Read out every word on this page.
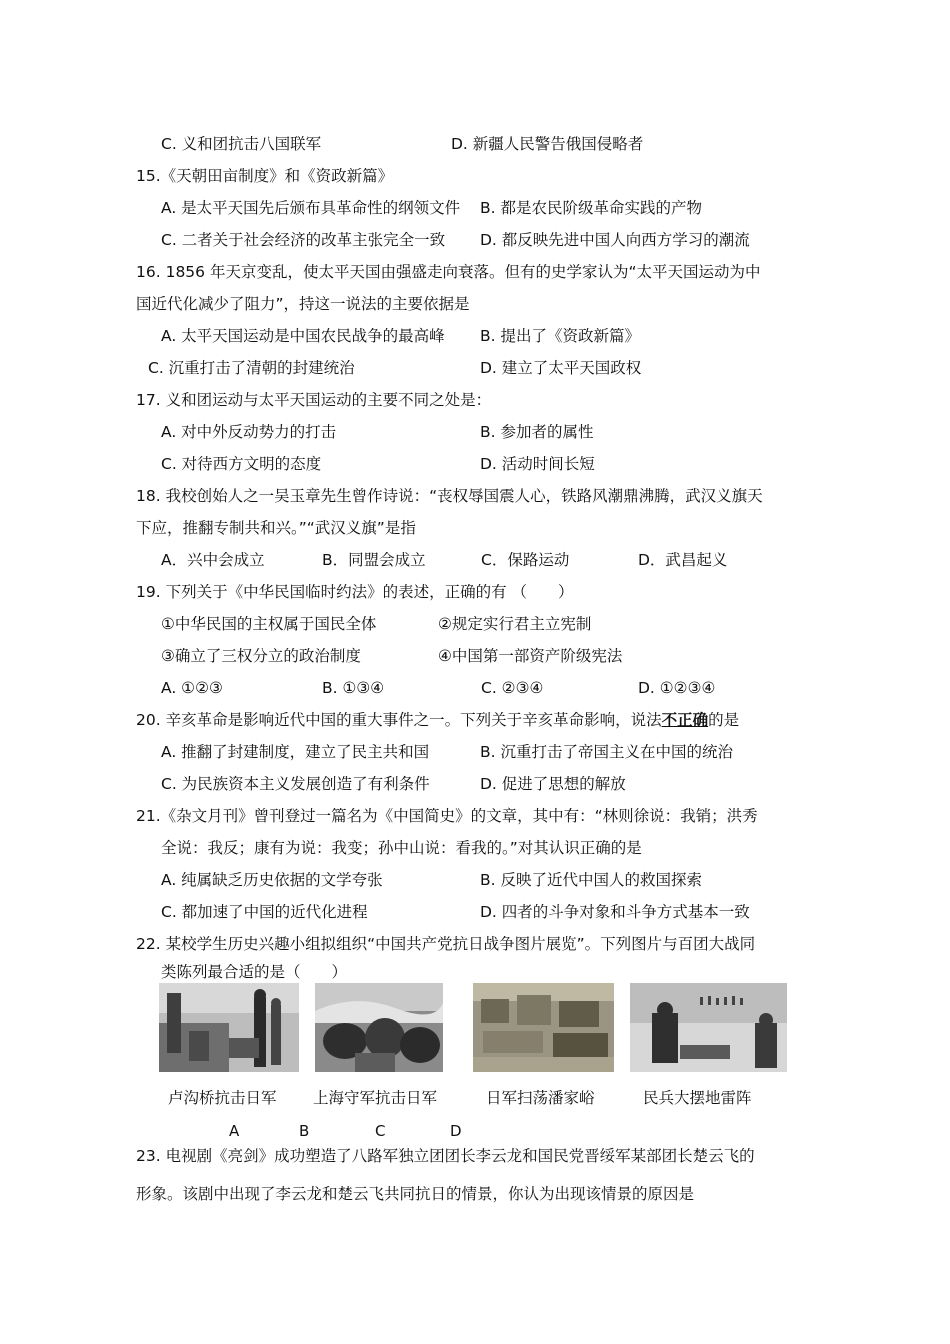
C. 义和团抗击八国联军	D. 新疆人民警告俄国侵略者
15.《天朝田亩制度》和《资政新篇》
A. 是太平天国先后颁布具革命性的纲领文件 B. 都是农民阶级革命实践的产物
C. 二者关于社会经济的改革主张完全一致 D. 都反映先进中国人向西方学习的潮流
16. 1856 年天京变乱，使太平天国由强盛走向衰落。但有的史学家认为“太平天国运动为中
国近代化减少了阻力”，持这一说法的主要依据是
A. 太平天国运动是中国农民战争的最高峰 B. 提出了《资政新篇》
C. 沉重打击了清朝的封建统治	D. 建立了太平天国政权
17. 义和团运动与太平天国运动的主要不同之处是：
A. 对中外反动势力的打击	B. 参加者的属性
C. 对待西方文明的态度	D. 活动时间长短
18. 我校创始人之一吴玉章先生曾作诗说：“丧权辱国震人心，铁路风潮鼎沸腾，武汉义旗天
下应，推翻专制共和兴。”“武汉义旗”是指
A．兴中会成立	B．同盟会成立	C．保路运动	D．武昌起义
19. 下列关于《中华民国临时约法》的表述，正确的有 （　　）
①中华民国的主权属于国民全体	②规定实行君主立宪制
③确立了三权分立的政治制度	④中国第一部资产阶级宪法
A. ①②③	B. ①③④	C. ②③④	D. ①②③④
20. 辛亥革命是影响近代中国的重大事件之一。下列关于辛亥革命影响，说法不正确的是
A. 推翻了封建制度，建立了民主共和国	B. 沉重打击了帝国主义在中国的统治
C. 为民族资本主义发展创造了有利条件	D. 促进了思想的解放
21.《杂文月刊》曾刊登过一篇名为《中国简史》的文章，其中有：“林则徐说：我销；洪秀
全说：我反；康有为说：我变；孙中山说：看我的。”对其认识正确的是
A. 纯属缺乏历史依据的文学夸张	B. 反映了近代中国人的救国探索
C. 都加速了中国的近代化进程	D. 四者的斗争对象和斗争方式基本一致
22. 某校学生历史兴趣小组拟组织“中国共产党抗日战争图片展览”。下列图片与百团大战同
类陈列最合适的是（　　）
卢沟桥抗击日军 上海守军抗击日军	日军扫荡潘家峪	民兵大摆地雷阵
A	B	C	D
23. 电视剧《亮剑》成功塑造了八路军独立团团长李云龙和国民党晋绥军某部团长楚云飞的
形象。该剧中出现了李云龙和楚云飞共同抗日的情景，你认为出现该情景的原因是
